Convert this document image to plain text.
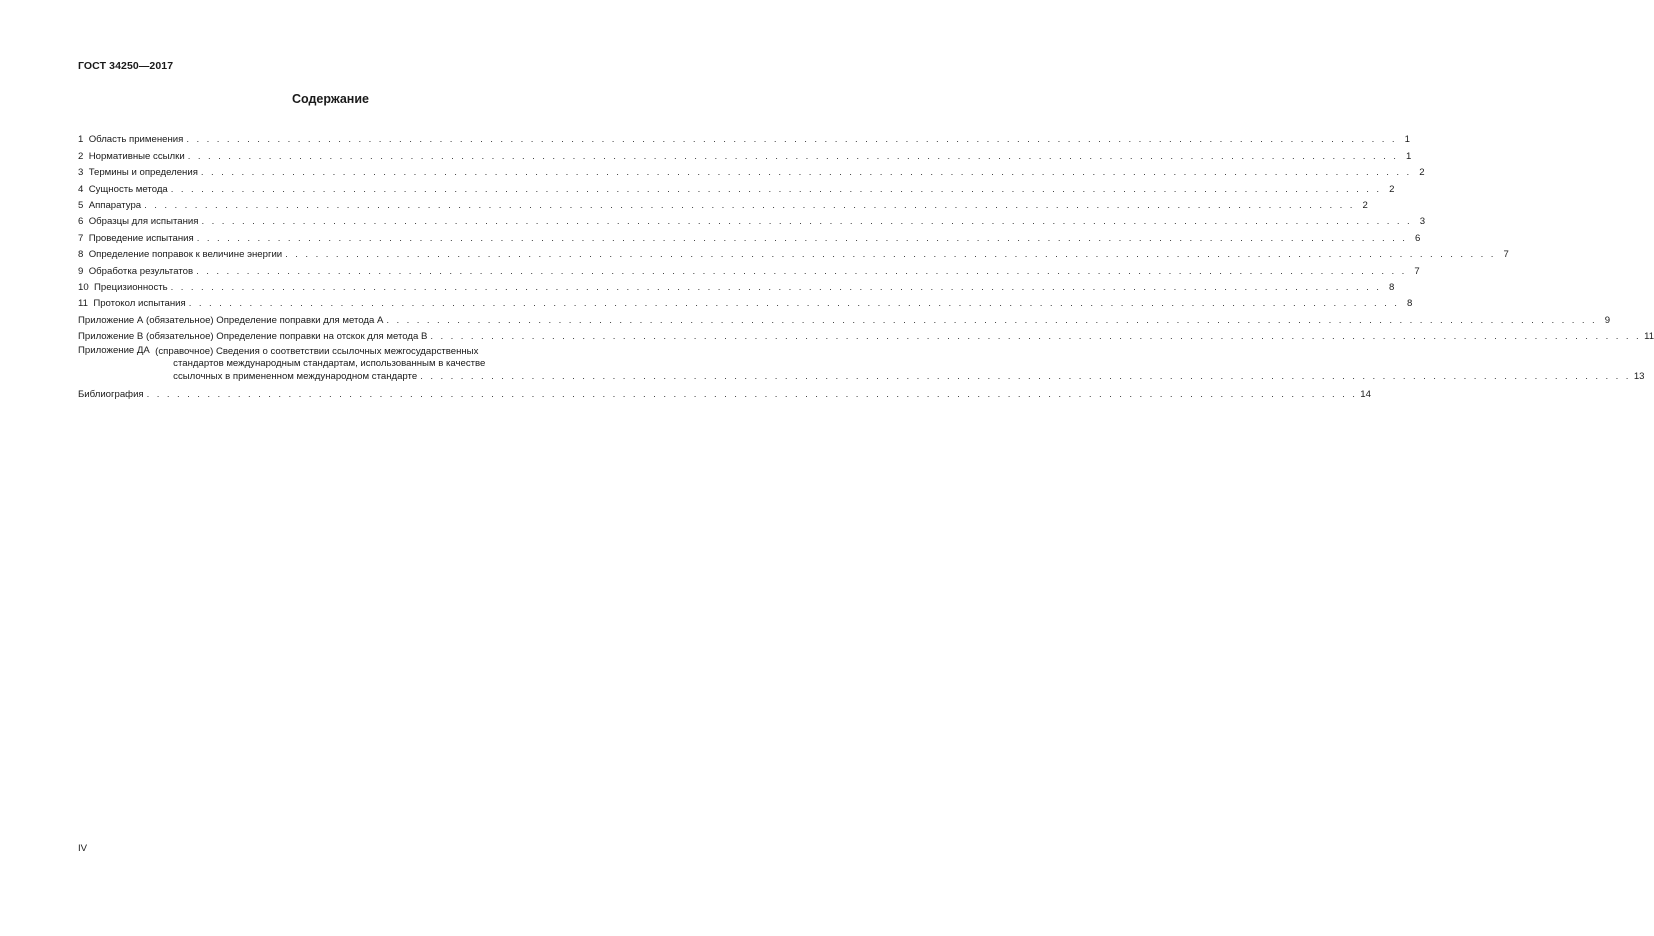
ГОСТ 34250—2017
Содержание
1
Область применения . . . . . . . . . . . . . . . . . . . . . . . . . . . . . . . . . . . . . . . . . . . . . . . . . . . . . . . . . . . . . . . . . . . . . . . . . . . . . . . . . . . . . . . . . . . . . . . . . . . . . . . . . . . . . . . . . . . . . . . . 1
2
Нормативные ссылки . . . . . . . . . . . . . . . . . . . . . . . . . . . . . . . . . . . . . . . . . . . . . . . . . . . . . . . . . . . . . . . . . . . . . . . . . . . . . . . . . . . . . . . . . . . . . . . . . . . . . . . . . . . . . . . . . . . . . . . . 1
3
Термины и определения . . . . . . . . . . . . . . . . . . . . . . . . . . . . . . . . . . . . . . . . . . . . . . . . . . . . . . . . . . . . . . . . . . . . . . . . . . . . . . . . . . . . . . . . . . . . . . . . . . . . . . . . . . . . . . . . . . . . . . . . 2
4
Сущность метода . . . . . . . . . . . . . . . . . . . . . . . . . . . . . . . . . . . . . . . . . . . . . . . . . . . . . . . . . . . . . . . . . . . . . . . . . . . . . . . . . . . . . . . . . . . . . . . . . . . . . . . . . . . . . . . . . . . . . . . . 2
5
Аппаратура . . . . . . . . . . . . . . . . . . . . . . . . . . . . . . . . . . . . . . . . . . . . . . . . . . . . . . . . . . . . . . . . . . . . . . . . . . . . . . . . . . . . . . . . . . . . . . . . . . . . . . . . . . . . . . . . . . . . . . . . 2
6
Образцы для испытания . . . . . . . . . . . . . . . . . . . . . . . . . . . . . . . . . . . . . . . . . . . . . . . . . . . . . . . . . . . . . . . . . . . . . . . . . . . . . . . . . . . . . . . . . . . . . . . . . . . . . . . . . . . . . . . . . . . . . . . . 3
7
Проведение испытания . . . . . . . . . . . . . . . . . . . . . . . . . . . . . . . . . . . . . . . . . . . . . . . . . . . . . . . . . . . . . . . . . . . . . . . . . . . . . . . . . . . . . . . . . . . . . . . . . . . . . . . . . . . . . . . . . . . . . . . . 6
8
Определение поправок к величине энергии . . . . . . . . . . . . . . . . . . . . . . . . . . . . . . . . . . . . . . . . . . . . . . . . . . . . . . . . . . . . . . . . . . . . . . . . . . . . . . . . . . . . . . . . . . . . . . . . . . . . . . . . . . . . . . . . . . . . . . . . 7
9
Обработка результатов . . . . . . . . . . . . . . . . . . . . . . . . . . . . . . . . . . . . . . . . . . . . . . . . . . . . . . . . . . . . . . . . . . . . . . . . . . . . . . . . . . . . . . . . . . . . . . . . . . . . . . . . . . . . . . . . . . . . . . . . 7
10
Прецизионность . . . . . . . . . . . . . . . . . . . . . . . . . . . . . . . . . . . . . . . . . . . . . . . . . . . . . . . . . . . . . . . . . . . . . . . . . . . . . . . . . . . . . . . . . . . . . . . . . . . . . . . . . . . . . . . . . . . . . . . . 8
11
Протокол испытания . . . . . . . . . . . . . . . . . . . . . . . . . . . . . . . . . . . . . . . . . . . . . . . . . . . . . . . . . . . . . . . . . . . . . . . . . . . . . . . . . . . . . . . . . . . . . . . . . . . . . . . . . . . . . . . . . . . . . . . . 8
Приложение А (обязательное) Определение поправки для метода А . . . . . . . . . . . . . . . . . . . . . . . . . . . . . . . . . . . . . . . . . . . . . . . . . . . . . . . . . . . . . . . . . . . . . . . . . . . . . . . . . . . . . . . . . . . . . . . . . . . . . . . . . . . . . . . . . . . . . . . . 9
Приложение В (обязательное) Определение поправки на отскок для метода В . . . . . . . . . . . . . . . . . . . . . . . . . . . . . . . . . . . . . . . . . . . . . . . . . . . . . . . . . . . . . . . . . . . . . . . . . . . . . . . . . . . . . . . . . . . . . . . . . . . . . . . . . . . . . . . . . . . . . . . . 11
Приложение ДА (справочное) Сведения о соответствии ссылочных межгосударственных
стандартов международным стандартам, использованным в качестве
ссылочных в примененном международном стандарте . . . . . . . . . . . . . . . . . . . . . . . . . . . . . . . . . . . . . . . . . . . . . . . . . . . . . . . . . . . . . . . . . . . . . . . . . . . . . . . . . . . . . . . . . . . . . . . . . . . . . . . . . . . . . . . . . . . . . . . . 13
Библиография . . . . . . . . . . . . . . . . . . . . . . . . . . . . . . . . . . . . . . . . . . . . . . . . . . . . . . . . . . . . . . . . . . . . . . . . . . . . . . . . . . . . . . . . . . . . . . . . . . . . . . . . . . . . . . . . . . . . . . . . 14
IV
